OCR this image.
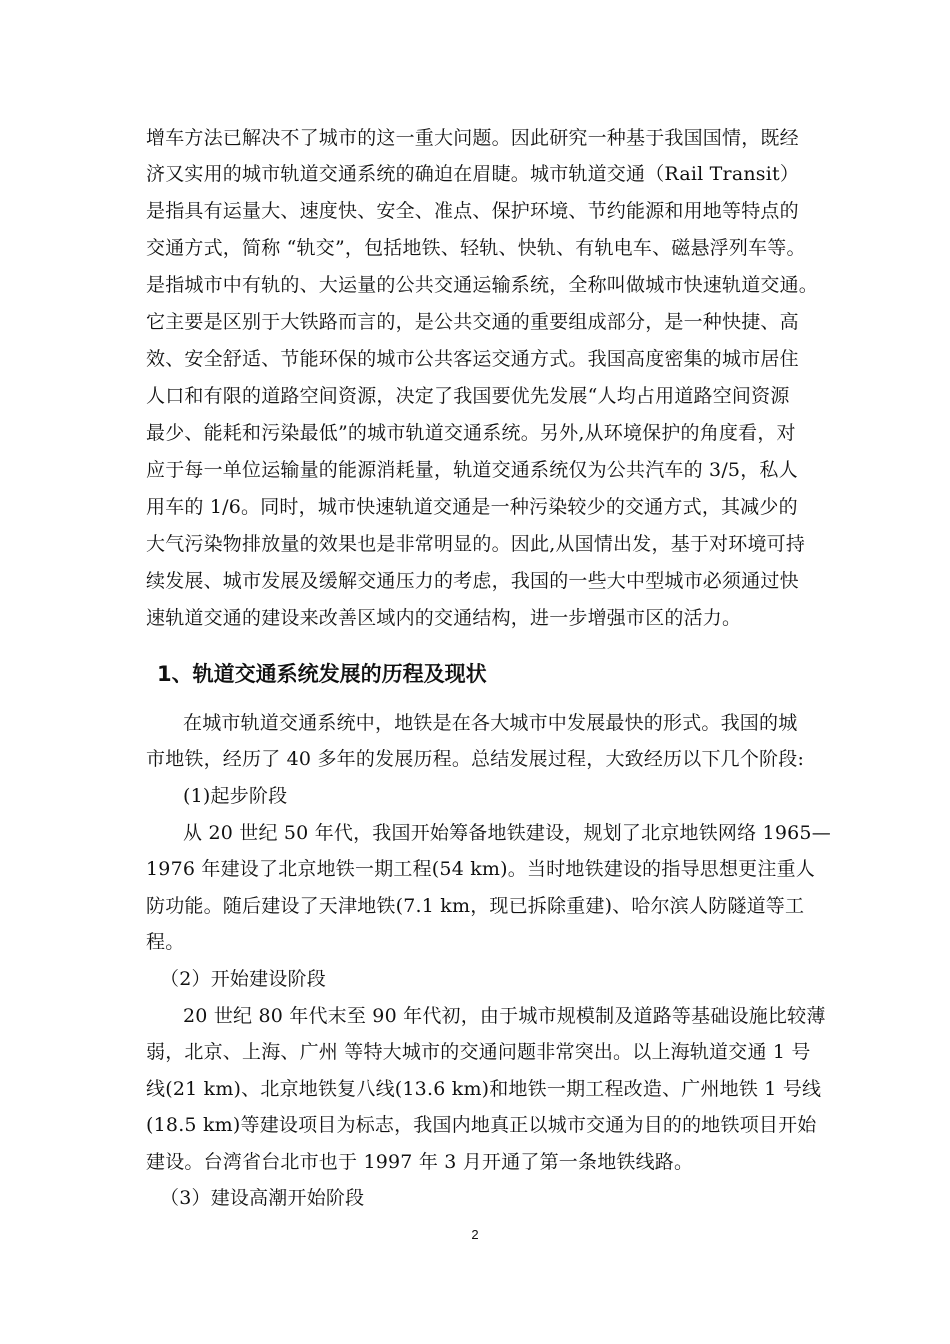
增车方法已解决不了城市的这一重大问题。因此研究一种基于我国国情，既经
济又实用的城市轨道交通系统的确迫在眉睫。城市轨道交通（Rail Transit）
是指具有运量大、速度快、安全、准点、保护环境、节约能源和用地等特点的
交通方式，简称 “轨交”，包括地铁、轻轨、快轨、有轨电车、磁悬浮列车等。
是指城市中有轨的、大运量的公共交通运输系统，全称叫做城市快速轨道交通。
它主要是区别于大铁路而言的，是公共交通的重要组成部分，是一种快捷、高
效、安全舒适、节能环保的城市公共客运交通方式。我国高度密集的城市居住
人口和有限的道路空间资源，决定了我国要优先发展“人均占用道路空间资源
最少、能耗和污染最低”的城市轨道交通系统。另外,从环境保护的角度看，对
应于每一单位运输量的能源消耗量，轨道交通系统仅为公共汽车的 3/5，私人
用车的 1/6。同时，城市快速轨道交通是一种污染较少的交通方式，其减少的
大气污染物排放量的效果也是非常明显的。因此,从国情出发，基于对环境可持
续发展、城市发展及缓解交通压力的考虑，我国的一些大中型城市必须通过快
速轨道交通的建设来改善区域内的交通结构，进一步增强市区的活力。
1、轨道交通系统发展的历程及现状
在城市轨道交通系统中，地铁是在各大城市中发展最快的形式。我国的城
市地铁，经历了 40 多年的发展历程。总结发展过程，大致经历以下几个阶段:
(1)起步阶段
从 20 世纪 50 年代，我国开始筹备地铁建设，规划了北京地铁网络 1965—
1976 年建设了北京地铁一期工程(54 km)。当时地铁建设的指导思想更注重人
防功能。随后建设了天津地铁(7.1 km，现已拆除重建)、哈尔滨人防隧道等工
程。
（2）开始建设阶段
20 世纪 80 年代末至 90 年代初，由于城市规模制及道路等基础设施比较薄
弱，北京、上海、广州 等特大城市的交通问题非常突出。以上海轨道交通 1 号
线(21 km)、北京地铁复八线(13.6 km)和地铁一期工程改造、广州地铁 1 号线
(18.5 km)等建设项目为标志，我国内地真正以城市交通为目的的地铁项目开始
建设。台湾省台北市也于 1997 年 3 月开通了第一条地铁线路。
（3）建设高潮开始阶段
2
